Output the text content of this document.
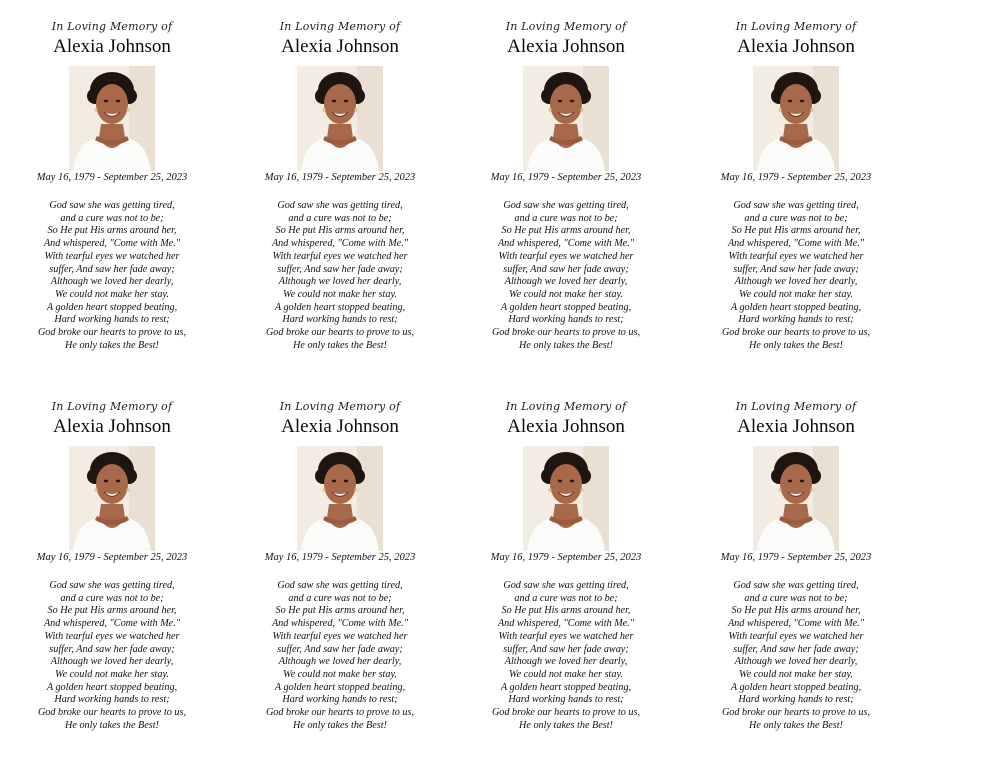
In Loving Memory of
Alexia Johnson
May 16, 1979 - September 25, 2023
God saw she was getting tired,
and a cure was not to be;
So He put His arms around her,
And whispered, "Come with Me."
With tearful eyes we watched her
suffer, And saw her fade away;
Although we loved her dearly,
We could not make her stay.
A golden heart stopped beating,
Hard working hands to rest;
God broke our hearts to prove to us,
He only takes the Best!
In Loving Memory of
Alexia Johnson
May 16, 1979 - September 25, 2023
God saw she was getting tired,
and a cure was not to be;
So He put His arms around her,
And whispered, "Come with Me."
With tearful eyes we watched her
suffer, And saw her fade away;
Although we loved her dearly,
We could not make her stay.
A golden heart stopped beating,
Hard working hands to rest;
God broke our hearts to prove to us,
He only takes the Best!
In Loving Memory of
Alexia Johnson
May 16, 1979 - September 25, 2023
God saw she was getting tired,
and a cure was not to be;
So He put His arms around her,
And whispered, "Come with Me."
With tearful eyes we watched her
suffer, And saw her fade away;
Although we loved her dearly,
We could not make her stay.
A golden heart stopped beating,
Hard working hands to rest;
God broke our hearts to prove to us,
He only takes the Best!
In Loving Memory of
Alexia Johnson
May 16, 1979 - September 25, 2023
God saw she was getting tired,
and a cure was not to be;
So He put His arms around her,
And whispered, "Come with Me."
With tearful eyes we watched her
suffer, And saw her fade away;
Although we loved her dearly,
We could not make her stay.
A golden heart stopped beating,
Hard working hands to rest;
God broke our hearts to prove to us,
He only takes the Best!
In Loving Memory of
Alexia Johnson
May 16, 1979 - September 25, 2023
God saw she was getting tired,
and a cure was not to be;
So He put His arms around her,
And whispered, "Come with Me."
With tearful eyes we watched her
suffer, And saw her fade away;
Although we loved her dearly,
We could not make her stay.
A golden heart stopped beating,
Hard working hands to rest;
God broke our hearts to prove to us,
He only takes the Best!
In Loving Memory of
Alexia Johnson
May 16, 1979 - September 25, 2023
God saw she was getting tired,
and a cure was not to be;
So He put His arms around her,
And whispered, "Come with Me."
With tearful eyes we watched her
suffer, And saw her fade away;
Although we loved her dearly,
We could not make her stay.
A golden heart stopped beating,
Hard working hands to rest;
God broke our hearts to prove to us,
He only takes the Best!
In Loving Memory of
Alexia Johnson
May 16, 1979 - September 25, 2023
God saw she was getting tired,
and a cure was not to be;
So He put His arms around her,
And whispered, "Come with Me."
With tearful eyes we watched her
suffer, And saw her fade away;
Although we loved her dearly,
We could not make her stay.
A golden heart stopped beating,
Hard working hands to rest;
God broke our hearts to prove to us,
He only takes the Best!
In Loving Memory of
Alexia Johnson
May 16, 1979 - September 25, 2023
God saw she was getting tired,
and a cure was not to be;
So He put His arms around her,
And whispered, "Come with Me."
With tearful eyes we watched her
suffer, And saw her fade away;
Although we loved her dearly,
We could not make her stay.
A golden heart stopped beating,
Hard working hands to rest;
God broke our hearts to prove to us,
He only takes the Best!
